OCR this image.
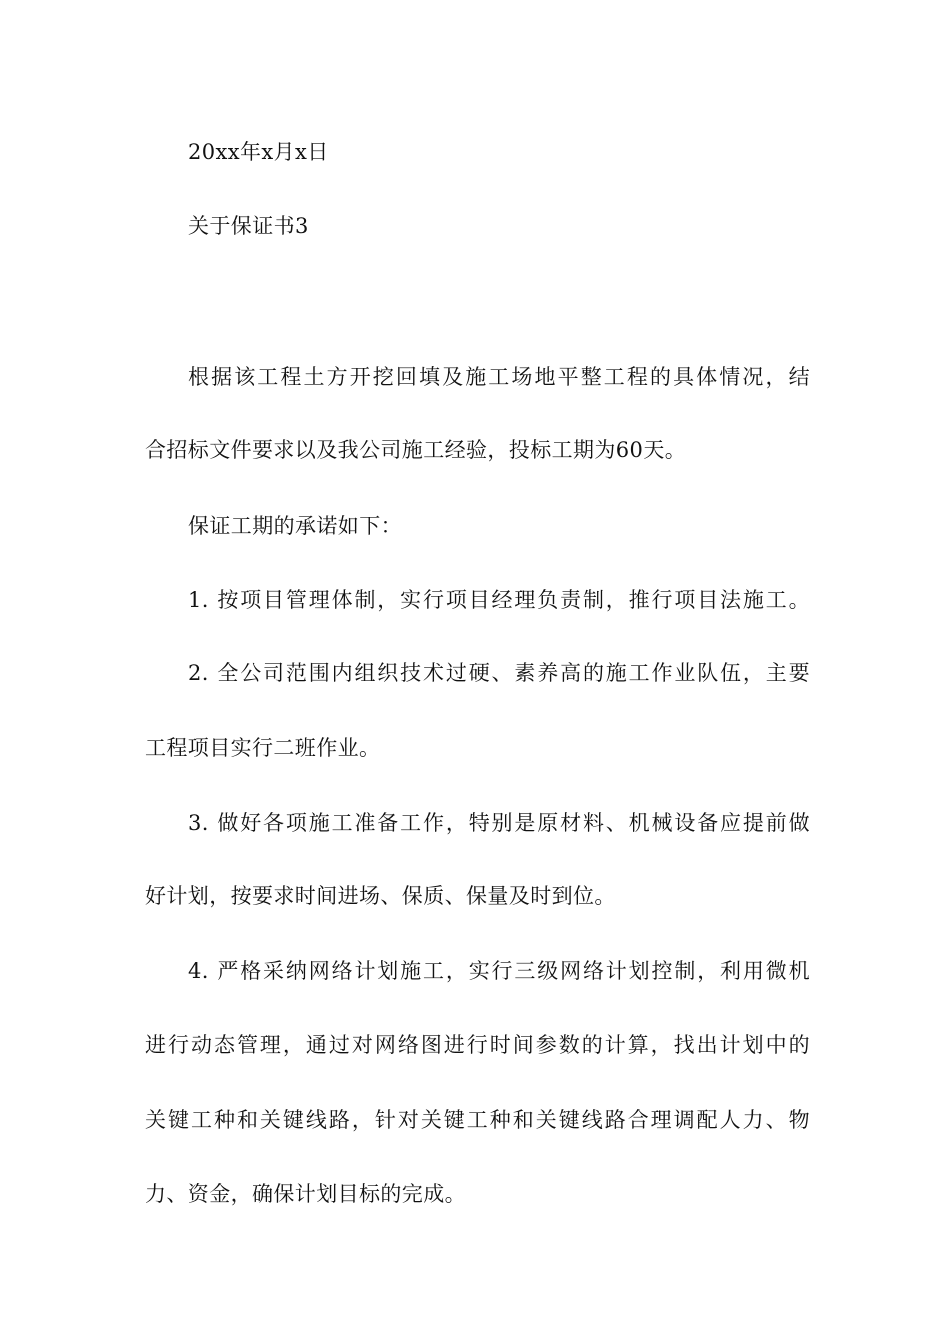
20xx年x月x日
关于保证书3
根据该工程土方开挖回填及施工场地平整工程的具体情况，结
合招标文件要求以及我公司施工经验，投标工期为60天。
保证工期的承诺如下：
1. 按项目管理体制，实行项目经理负责制，推行项目法施工。
2. 全公司范围内组织技术过硬、素养高的施工作业队伍，主要
工程项目实行二班作业。
3. 做好各项施工准备工作，特别是原材料、机械设备应提前做
好计划，按要求时间进场、保质、保量及时到位。
4. 严格采纳网络计划施工，实行三级网络计划控制，利用微机
进行动态管理，通过对网络图进行时间参数的计算，找出计划中的
关键工种和关键线路，针对关键工种和关键线路合理调配人力、物
力、资金，确保计划目标的完成。
